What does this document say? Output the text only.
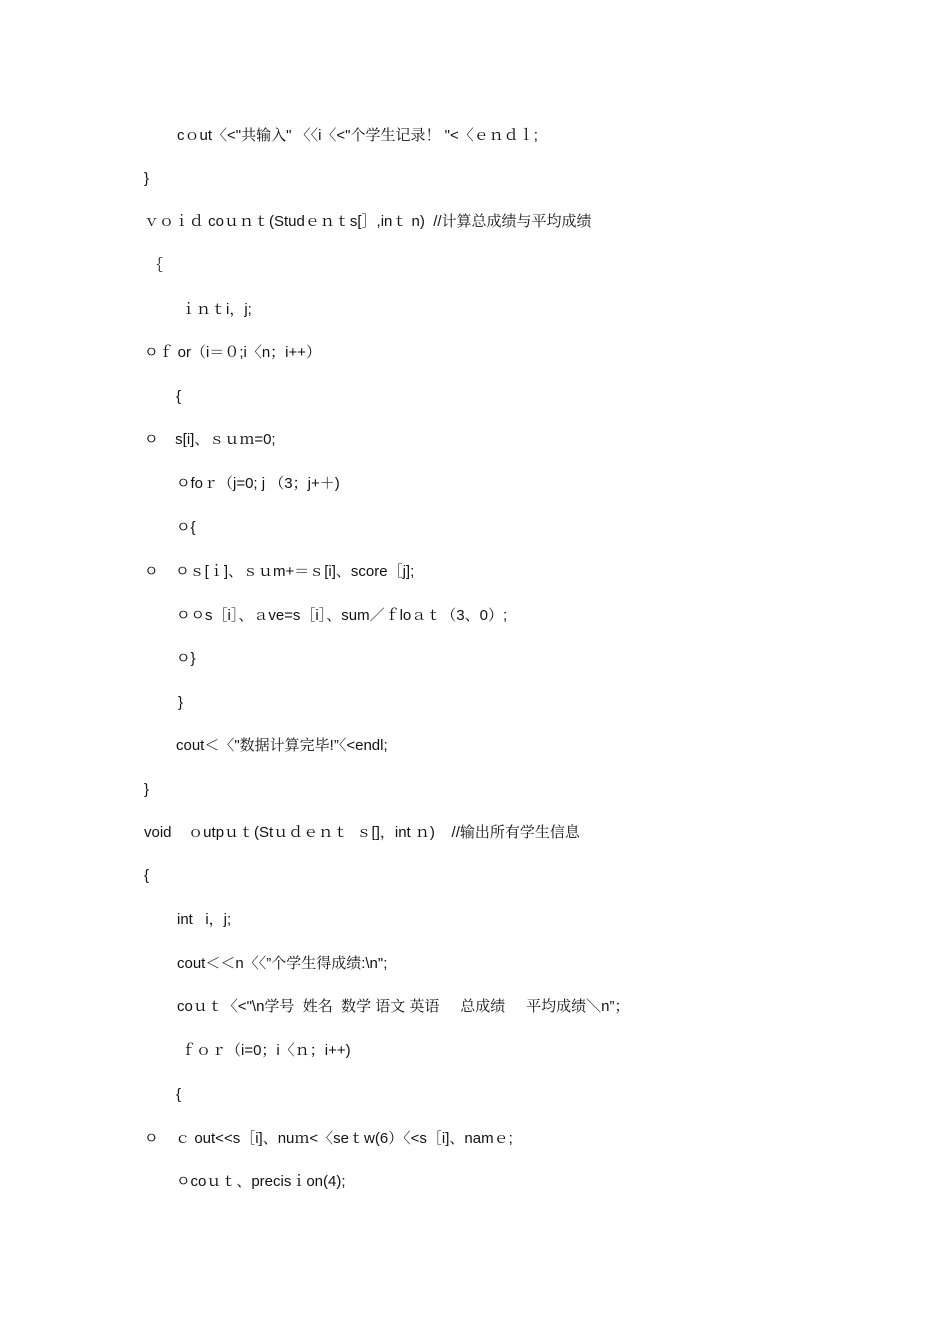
cｏut〈<"共输入" 〈〈i〈<"个学生记录！ "<〈ｅｎｄｌ;
}
ｖｏｉｄ coｕｎｔ(Studｅｎｔs[］,inｔ n)  //计算总成绩与平均成绩
｛
ｉｎｔi，j;
ﾷｆ or（i＝０;i〈n；i++）
{
ﾷ    s[i]、ｓｕｍ=0;
ﾷfoｒ（j=0; j （3；j+＋)
ﾷ{
ﾷ    ﾷｓ[ｉ]、ｓｕm+＝ｓ[i]、score［j];
ﾷﾷs［i］、ａve=s［i］、sum／ｆloａｔ（3、0）;
ﾷ}
}
cout＜〈"数据计算完毕!”〈<endl;
}
void    ｏutpｕｔ(Stｕｄｅｎｔ  ｓ[]，int ｎ)    //输出所有学生信息
{
int   i，j;
cout＜＜n〈〈”个学生得成绩:\n";
coｕｔ〈<"\n学号  姓名  数学 语文 英语     总成绩     平均成绩＼n”；
ｆｏｒ（i=0；i〈ｎ；i++)
{
ﾷ    ｃ out<<s［i]、nuｍ<〈seｔw(6）〈<s［i]、namｅ;
ﾷcoｕｔ、precisｉon(4);
